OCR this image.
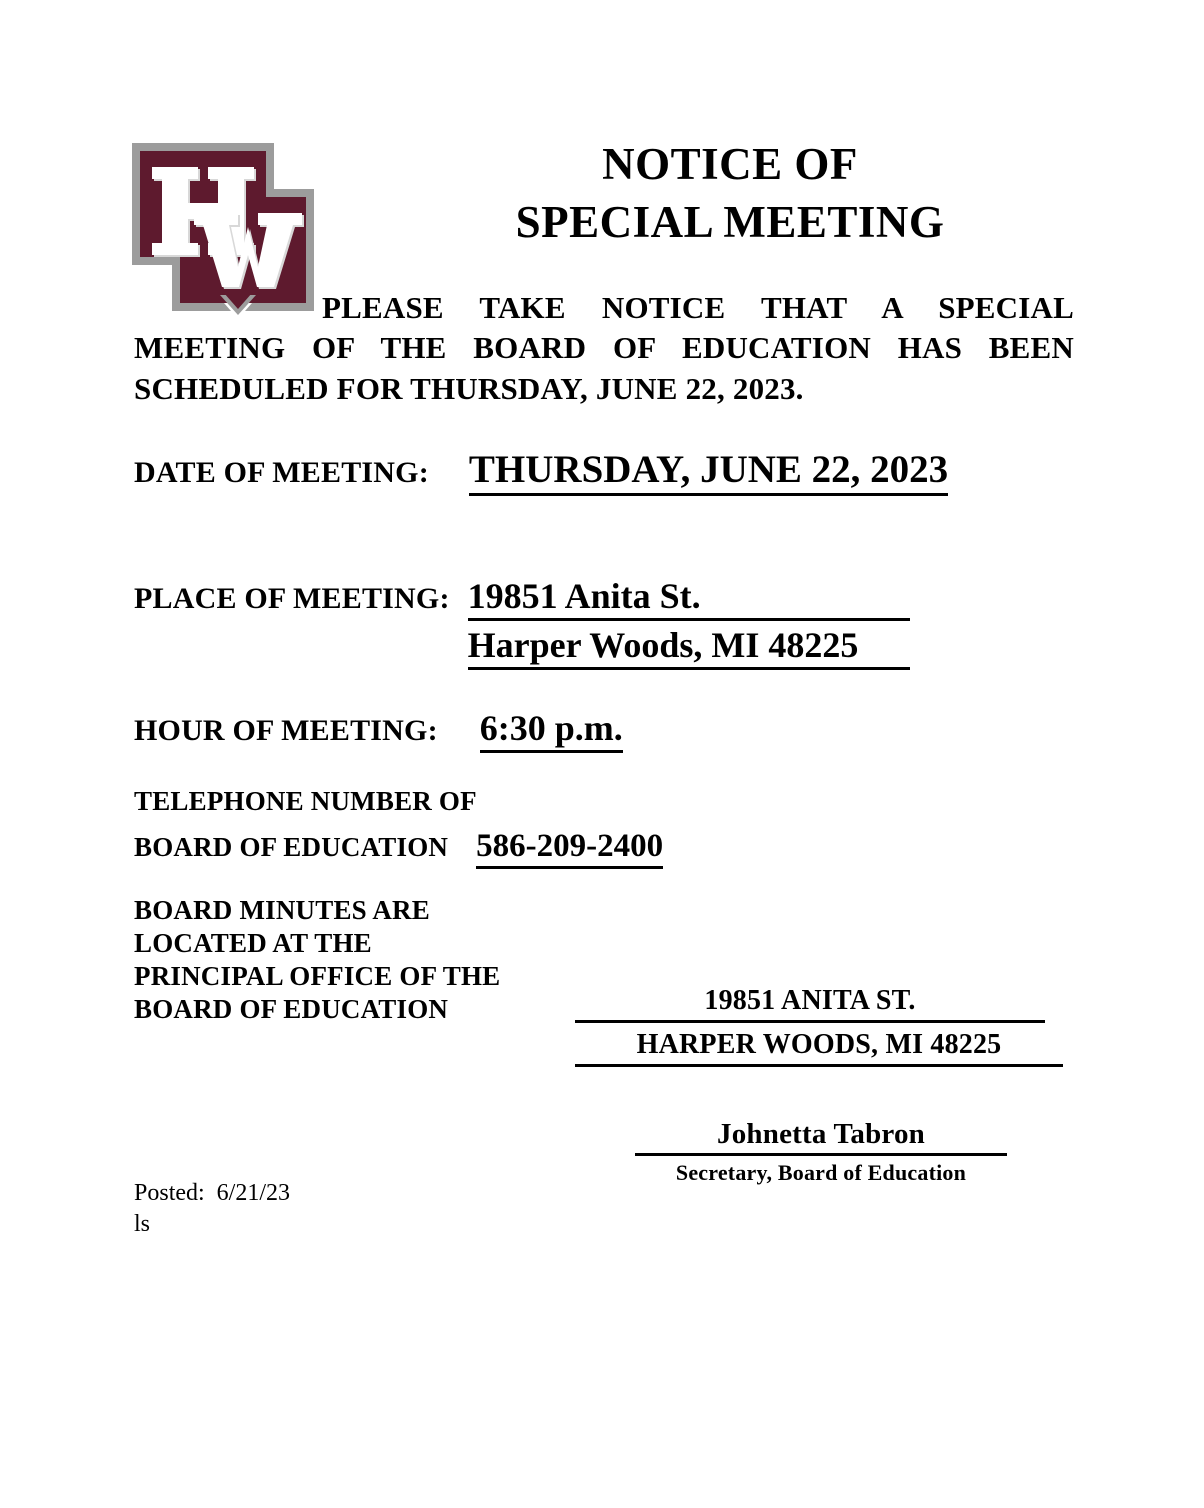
NOTICE OF
SPECIAL MEETING
PLEASE TAKE NOTICE THAT A SPECIAL
MEETING OF THE BOARD OF EDUCATION HAS BEEN
SCHEDULED FOR THURSDAY, JUNE 22, 2023.
DATE OF MEETING: THURSDAY, JUNE 22, 2023
PLACE OF MEETING: 19851 Anita St.
Harper Woods, MI 48225
HOUR OF MEETING: 6:30 p.m.
TELEPHONE NUMBER OF
BOARD OF EDUCATION 586-209-2400
BOARD MINUTES ARE
LOCATED AT THE
PRINCIPAL OFFICE OF THE
BOARD OF EDUCATION	19851 ANITA ST.
HARPER WOODS, MI 48225
Johnetta Tabron
Secretary, Board of Education
Posted:  6/21/23
ls
